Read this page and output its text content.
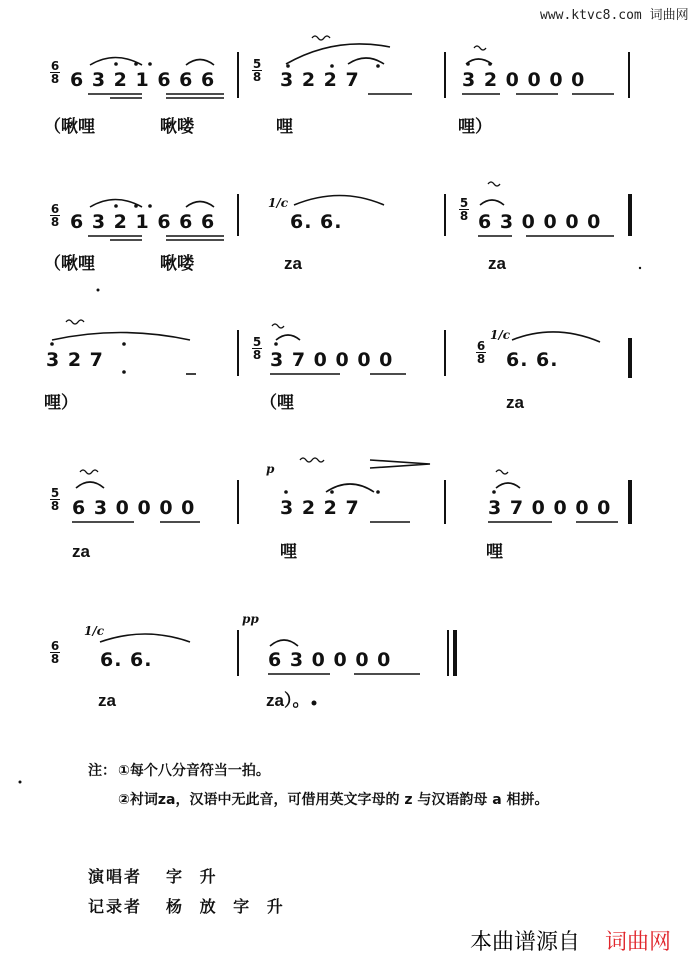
www.ktvc8.com 词曲网
6
8 6 3 2 1 6 6 6
5
8 3 2 2 7	3 2 0 0 0 0
（啾哩	啾喽	哩	哩）
6
8 6 3 2 1 6 6 6
1/c
6. 6.
5
8 6 3 0 0 0 0
（啾哩	啾喽	za	za
3 2 7
5
8 3 7 0 0 0 0
6
8
1/c
6. 6.
哩）	（哩	za
5
8 6 3 0 0 0 0
p
3 2 2 7	3 7 0 0 0 0
za	哩	哩
6
8
1/c
6. 6.
pp
6 3 0 0 0 0
za	za）。
注： ①每个八分音符当一拍。
②衬词za，汉语中无此音，可借用英文字母的 z 与汉语韵母 a 相拼。
演唱者 字 升
记录者 杨 放 字 升
本曲谱源自 词曲网
